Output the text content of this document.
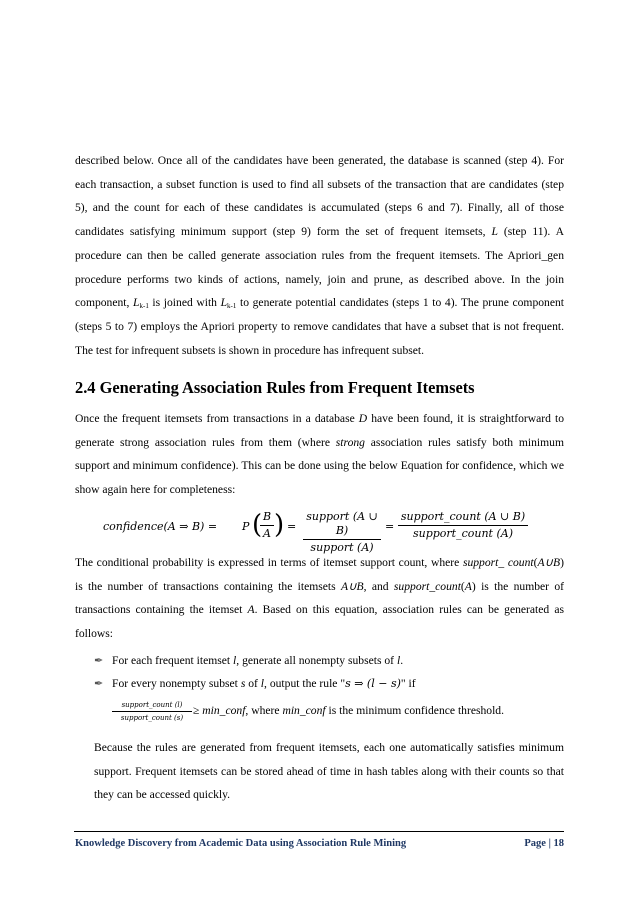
described below. Once all of the candidates have been generated, the database is scanned (step 4). For each transaction, a subset function is used to find all subsets of the transaction that are candidates (step 5), and the count for each of these candidates is accumulated (steps 6 and 7). Finally, all of those candidates satisfying minimum support (step 9) form the set of frequent itemsets, L (step 11). A procedure can then be called generate association rules from the frequent itemsets. The Apriori_gen procedure performs two kinds of actions, namely, join and prune, as described above. In the join component, $L_{k-1}$ is joined with $L_{k-1}$ to generate potential candidates (steps 1 to 4). The prune component (steps 5 to 7) employs the Apriori property to remove candidates that have a subset that is not frequent. The test for infrequent subsets is shown in procedure has infrequent subset.

2.4 Generating Association Rules from Frequent Itemsets

Once the frequent itemsets from transactions in a database D have been found, it is straightforward to generate strong association rules from them (where strong association rules satisfy both minimum support and minimum confidence). This can be done using the below Equation for confidence, which we show again here for completeness:

confidence(A ⇒ B) = P ( B
A ) =
support (A ∪ B)
support (A)
=
support_count (A ∪ B)
support_count (A)

The conditional probability is expressed in terms of itemset support count, where support_ count(A∪B) is the number of transactions containing the itemsets A∪B, and support_count(A) is the number of transactions containing the itemset A. Based on this equation, association rules can be generated as follows:

✒ For each frequent itemset l, generate all nonempty subsets of l.
✒ For every nonempty subset s of l, output the rule "s ⇒ (l − s)" if
support_count (l)
support_count (s)
≥ min_conf, where min_conf is the minimum confidence threshold.

Because the rules are generated from frequent itemsets, each one automatically satisfies minimum support. Frequent itemsets can be stored ahead of time in hash tables along with their counts so that they can be accessed quickly.

Knowledge Discovery from Academic Data using Association Rule Mining	Page | 18
